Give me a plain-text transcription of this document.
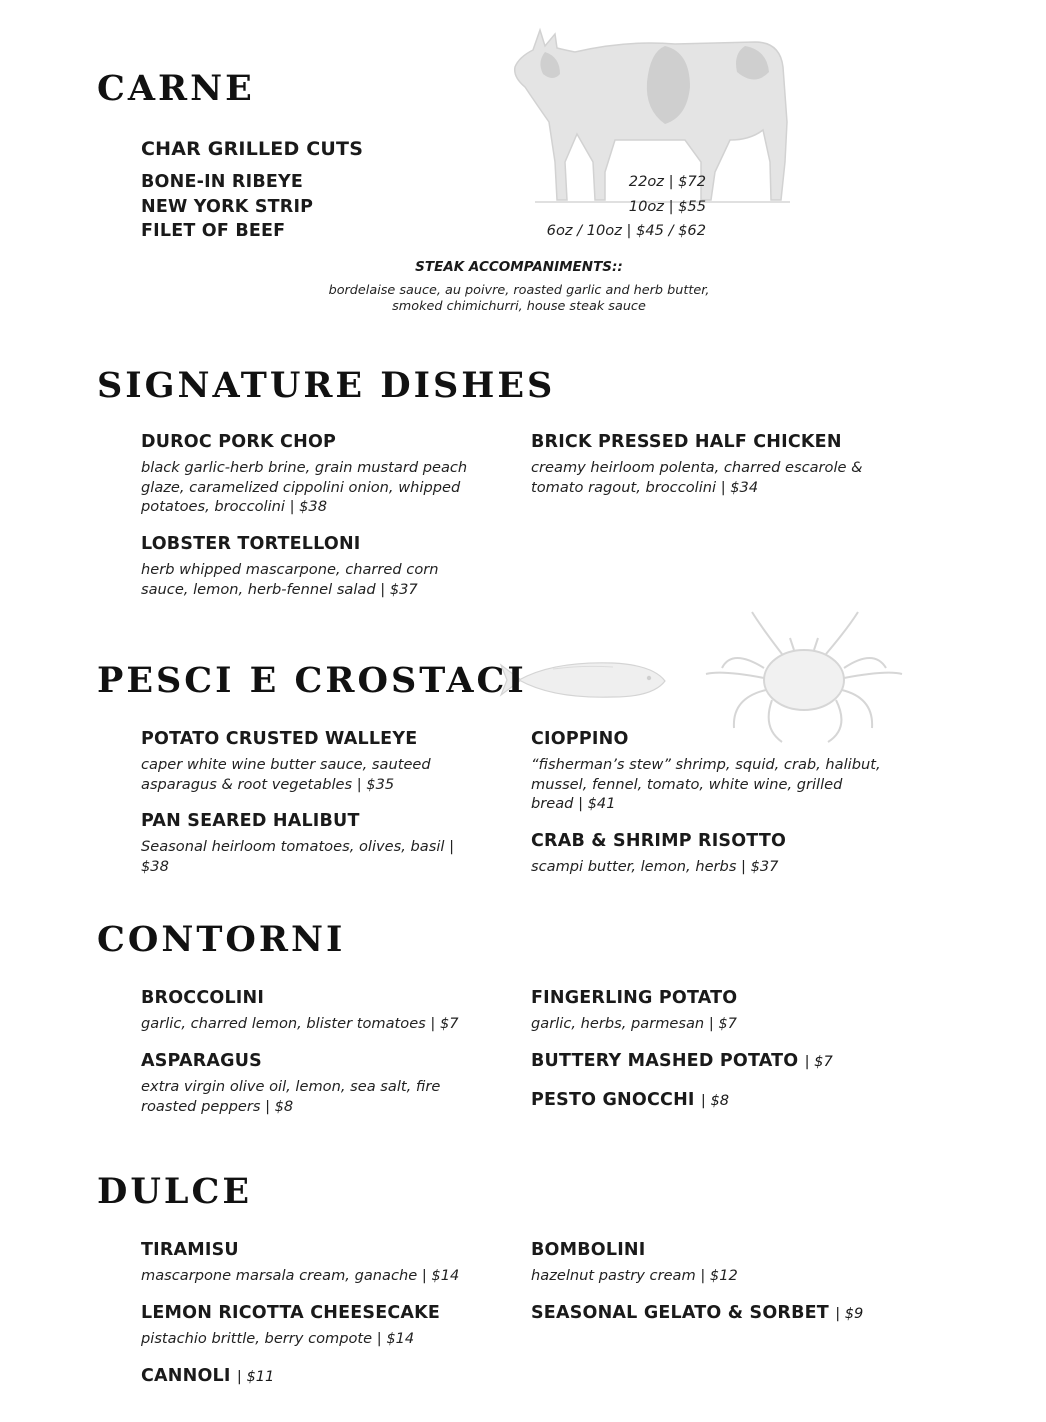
CARNE
CHAR GRILLED CUTS
BONE-IN RIBEYE	22oz | $72
NEW YORK STRIP	10oz | $55
FILET OF BEEF	6oz / 10oz | $45 / $62
STEAK ACCOMPANIMENTS::
bordelaise sauce, au poivre, roasted garlic and herb butter,
smoked chimichurri, house steak sauce
SIGNATURE DISHES
DUROC PORK CHOP
black garlic-herb brine, grain mustard peach glaze, caramelized cippolini onion, whipped potatoes, broccolini | $38
BRICK PRESSED HALF CHICKEN
creamy heirloom polenta, charred escarole & tomato ragout, broccolini | $34
LOBSTER TORTELLONI
herb whipped mascarpone, charred corn sauce, lemon, herb-fennel salad | $37
PESCI E CROSTACI
POTATO CRUSTED WALLEYE
caper white wine butter sauce, sauteed asparagus & root vegetables | $35
CIOPPINO
“fisherman’s stew” shrimp, squid, crab, halibut, mussel, fennel, tomato, white wine, grilled bread | $41
PAN SEARED HALIBUT
Seasonal heirloom tomatoes, olives, basil | $38
CRAB & SHRIMP RISOTTO
scampi butter, lemon, herbs | $37
CONTORNI
BROCCOLINI
garlic, charred lemon, blister tomatoes | $7
FINGERLING POTATO
garlic, herbs, parmesan | $7
ASPARAGUS
extra virgin olive oil, lemon, sea salt, fire roasted peppers | $8
BUTTERY MASHED POTATO | $7
PESTO GNOCCHI | $8
DULCE
TIRAMISU
mascarpone marsala cream, ganache | $14
BOMBOLINI
hazelnut pastry cream | $12
LEMON RICOTTA CHEESECAKE
pistachio brittle, berry compote | $14
SEASONAL GELATO & SORBET | $9
CANNOLI | $11
